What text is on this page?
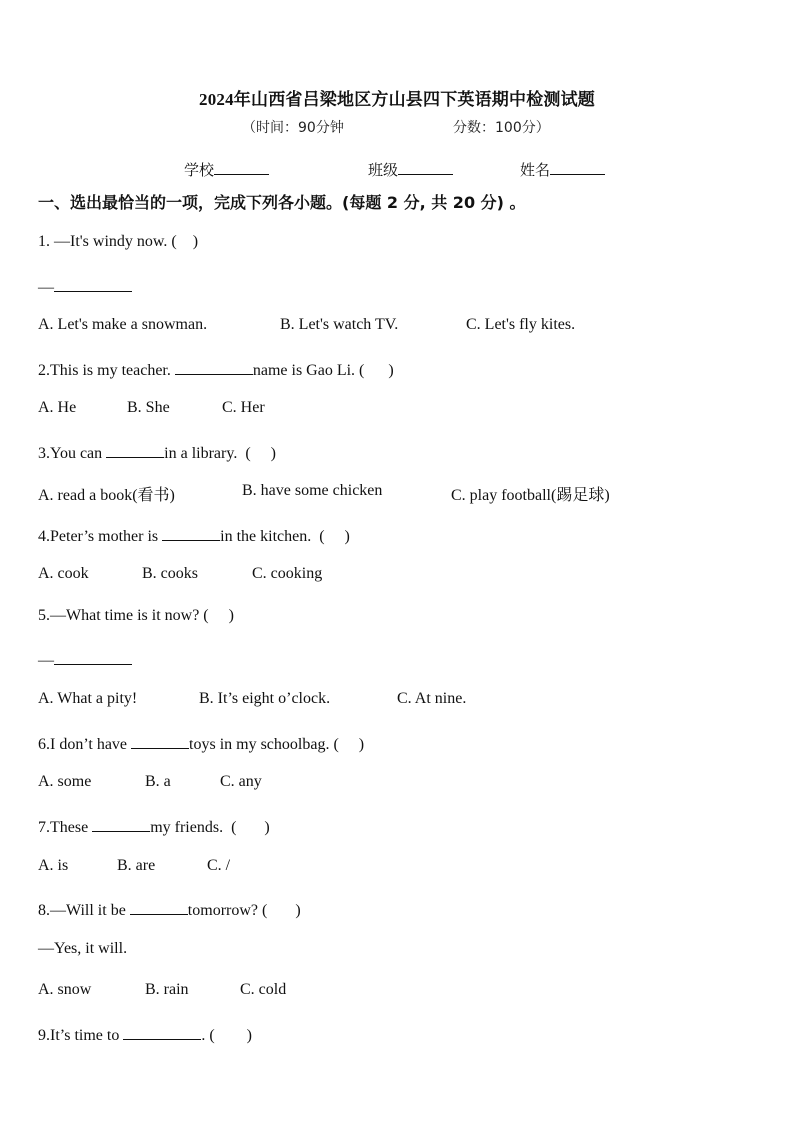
2024年山西省吕梁地区方山县四下英语期中检测试题
（时间：90分钟	分数：100分）
学校	班级	姓名
一、选出最恰当的一项，完成下列各小题。(每题 2 分, 共 20 分) 。
1. —It's windy now. (    )
—
A. Let's make a snowman.	B. Let's watch TV.	C. Let's fly kites.
2.This is my teacher.	name is Gao Li. (      )
A. He	B. She	C. Her
3.You can	in a library.  (     )
A. read a book(看书)	B. have some chicken	C. play football(踢足球)
4.Peter’s mother is	in the kitchen.  (     )
A. cook	B. cooks	C. cooking
5.—What time is it now? (     )
—
A. What a pity!	B. It’s eight o’clock.	C. At nine.
6.I don’t have	toys in my schoolbag. (     )
A. some	B. a	C. any
7.These	my friends.  (       )
A. is	B. are	C. /
8.—Will it be	tomorrow? (       )
—Yes, it will.
A. snow	B. rain	C. cold
9.It’s time to	. (        )
